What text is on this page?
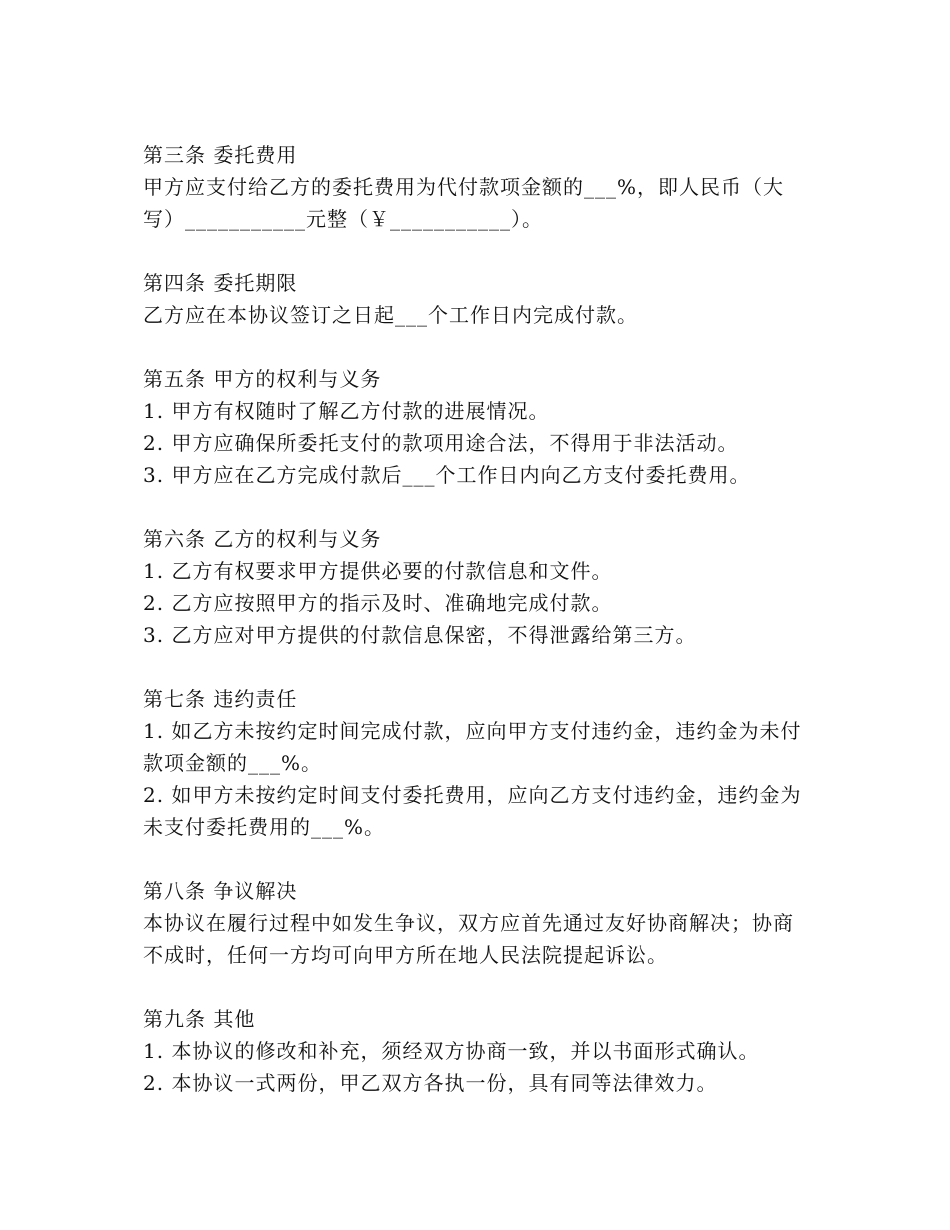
第三条 委托费用

甲方应支付给乙方的委托费用为代付款项金额的___%，即人民币（大写）___________元整（￥___________）。

第四条 委托期限

乙方应在本协议签订之日起___个工作日内完成付款。

第五条 甲方的权利与义务

1. 甲方有权随时了解乙方付款的进展情况。

2. 甲方应确保所委托支付的款项用途合法，不得用于非法活动。

3. 甲方应在乙方完成付款后___个工作日内向乙方支付委托费用。

第六条 乙方的权利与义务

1. 乙方有权要求甲方提供必要的付款信息和文件。

2. 乙方应按照甲方的指示及时、准确地完成付款。

3. 乙方应对甲方提供的付款信息保密，不得泄露给第三方。

第七条 违约责任

1. 如乙方未按约定时间完成付款，应向甲方支付违约金，违约金为未付款项金额的___%。

2. 如甲方未按约定时间支付委托费用，应向乙方支付违约金，违约金为未支付委托费用的___%。

第八条 争议解决

本协议在履行过程中如发生争议，双方应首先通过友好协商解决；协商不成时，任何一方均可向甲方所在地人民法院提起诉讼。

第九条 其他

1. 本协议的修改和补充，须经双方协商一致，并以书面形式确认。

2. 本协议一式两份，甲乙双方各执一份，具有同等法律效力。
